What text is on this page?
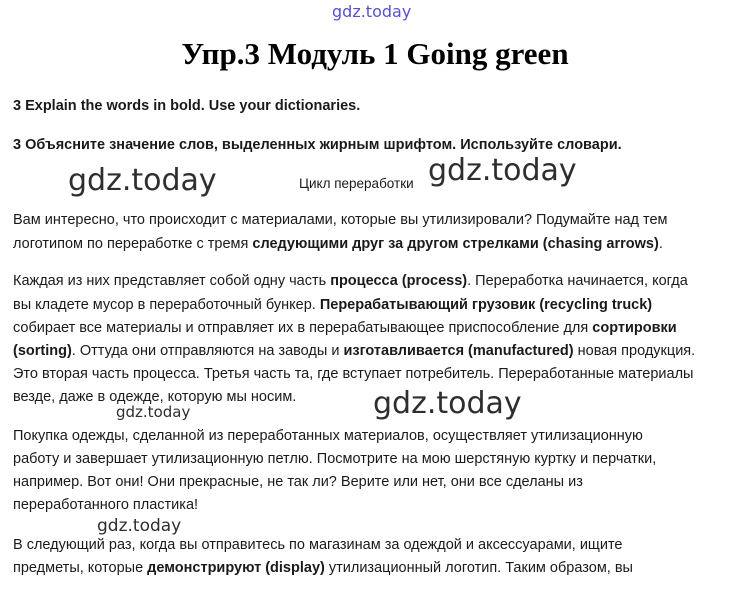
gdz.today
Упр.3 Модуль 1 Going green
3 Explain the words in bold. Use your dictionaries.
3 Объясните значение слов, выделенных жирным шрифтом. Используйте словари.
gdz.today	Цикл переработки gdz.today
Вам интересно, что происходит с материалами, которые вы утилизировали? Подумайте над тем
логотипом по переработке с тремя следующими друг за другом стрелками (chasing arrows).
Каждая из них представляет собой одну часть процесса (process). Переработка начинается, когда
вы кладете мусор в переработочный бункер. Перерабатывающий грузовик (recycling truck)
собирает все материалы и отправляет их в перерабатывающее приспособление для сортировки
(sorting). Оттуда они отправляются на заводы и изготавливается (manufactured) новая продукция.
Это вторая часть процесса. Третья часть та, где вступает потребитель. Переработанные материалы
везде, даже в одежде, которую мы носим.	gdz.today
gdz.today
Покупка одежды, сделанной из переработанных материалов, осуществляет утилизационную
работу и завершает утилизационную петлю. Посмотрите на мою шерстяную куртку и перчатки,
например. Вот они! Они прекрасные, не так ли? Верите или нет, они все сделаны из
переработанного пластика!
gdz.today
В следующий раз, когда вы отправитесь по магазинам за одеждой и аксессуарами, ищите
предметы, которые демонстрируют (display) утилизационный логотип. Таким образом, вы
